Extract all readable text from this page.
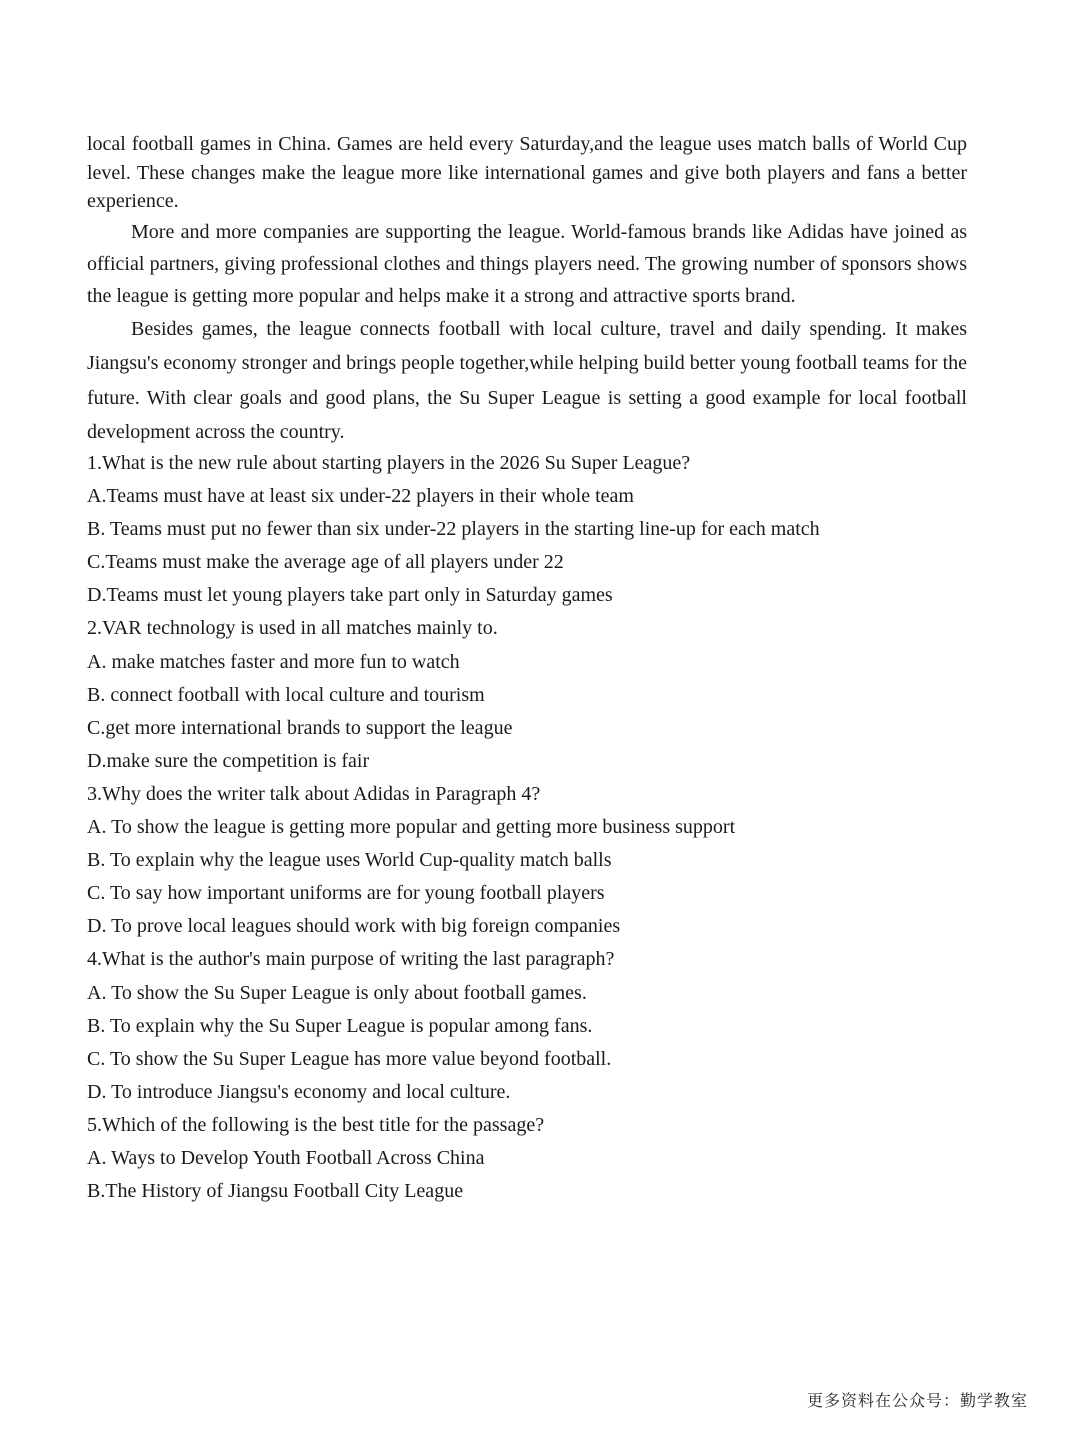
local football games in China. Games are held every Saturday,and the league uses match balls of World Cup level. These changes make the league more like international games and give both players and fans a better experience.

More and more companies are supporting the league. World-famous brands like Adidas have joined as official partners, giving professional clothes and things players need. The growing number of sponsors shows the league is getting more popular and helps make it a strong and attractive sports brand.

Besides games, the league connects football with local culture, travel and daily spending. It makes Jiangsu's economy stronger and brings people together,while helping build better young football teams for the future. With clear goals and good plans, the Su Super League is setting a good example for local football development across the country.

1.What is the new rule about starting players in the 2026 Su Super League?
A.Teams must have at least six under-22 players in their whole team
B. Teams must put no fewer than six under-22 players in the starting line-up for each match
C.Teams must make the average age of all players under 22
D.Teams must let young players take part only in Saturday games
2.VAR technology is used in all matches mainly to.
A. make matches faster and more fun to watch
B. connect football with local culture and tourism
C.get more international brands to support the league
D.make sure the competition is fair
3.Why does the writer talk about Adidas in Paragraph 4?
A. To show the league is getting more popular and getting more business support
B. To explain why the league uses World Cup-quality match balls
C. To say how important uniforms are for young football players
D. To prove local leagues should work with big foreign companies
4.What is the author's main purpose of writing the last paragraph?
A. To show the Su Super League is only about football games.
B. To explain why the Su Super League is popular among fans.
C. To show the Su Super League has more value beyond football.
D. To introduce Jiangsu's economy and local culture.
5.Which of the following is the best title for the passage?
A. Ways to Develop Youth Football Across China
B.The History of Jiangsu Football City League
更多资料在公众号：勤学教室
